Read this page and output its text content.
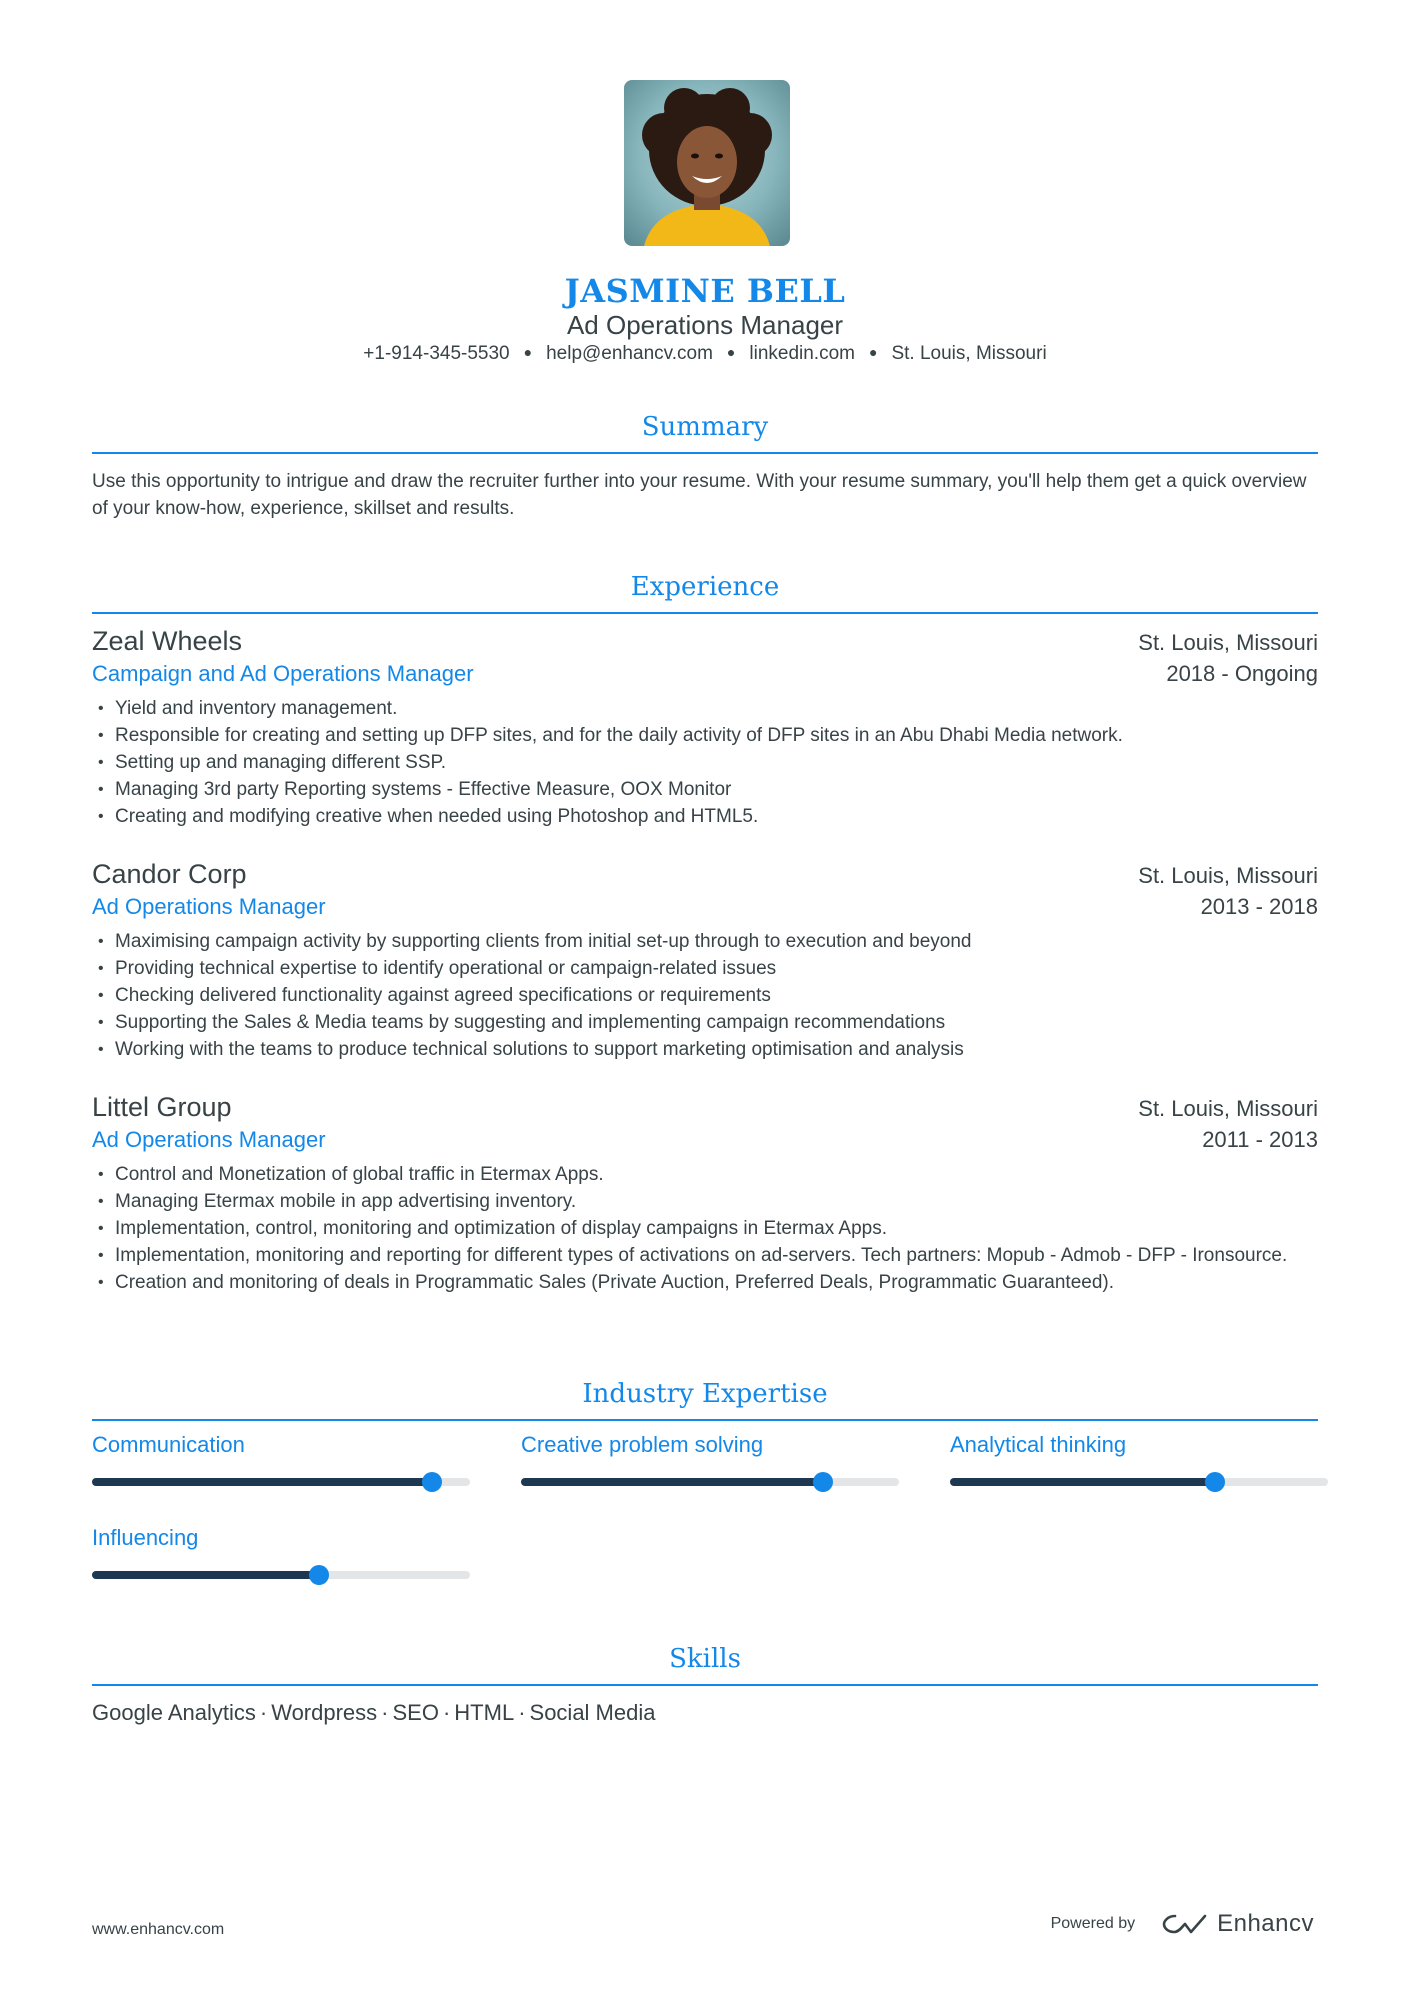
JASMINE BELL
Ad Operations Manager
+1-914-345-5530 ● help@enhancv.com ● linkedin.com ● St. Louis, Missouri
Summary
Use this opportunity to intrigue and draw the recruiter further into your resume. With your resume summary, you'll help them get a quick overview of your know-how, experience, skillset and results.
Experience
Zeal Wheels	St. Louis, Missouri
Campaign and Ad Operations Manager	2018 - Ongoing
• Yield and inventory management.
• Responsible for creating and setting up DFP sites, and for the daily activity of DFP sites in an Abu Dhabi Media network.
• Setting up and managing different SSP.
• Managing 3rd party Reporting systems - Effective Measure, OOX Monitor
• Creating and modifying creative when needed using Photoshop and HTML5.
Candor Corp	St. Louis, Missouri
Ad Operations Manager	2013 - 2018
• Maximising campaign activity by supporting clients from initial set-up through to execution and beyond
• Providing technical expertise to identify operational or campaign-related issues
• Checking delivered functionality against agreed specifications or requirements
• Supporting the Sales & Media teams by suggesting and implementing campaign recommendations
• Working with the teams to produce technical solutions to support marketing optimisation and analysis
Littel Group	St. Louis, Missouri
Ad Operations Manager	2011 - 2013
• Control and Monetization of global traffic in Etermax Apps.
• Managing Etermax mobile in app advertising inventory.
• Implementation, control, monitoring and optimization of display campaigns in Etermax Apps.
• Implementation, monitoring and reporting for different types of activations on ad-servers. Tech partners: Mopub - Admob - DFP - Ironsource.
• Creation and monitoring of deals in Programmatic Sales (Private Auction, Preferred Deals, Programmatic Guaranteed).
Industry Expertise
Communication	Creative problem solving	Analytical thinking
Influencing
Skills
Google Analytics · Wordpress · SEO · HTML · Social Media
www.enhancv.com	Powered by	Enhancv
